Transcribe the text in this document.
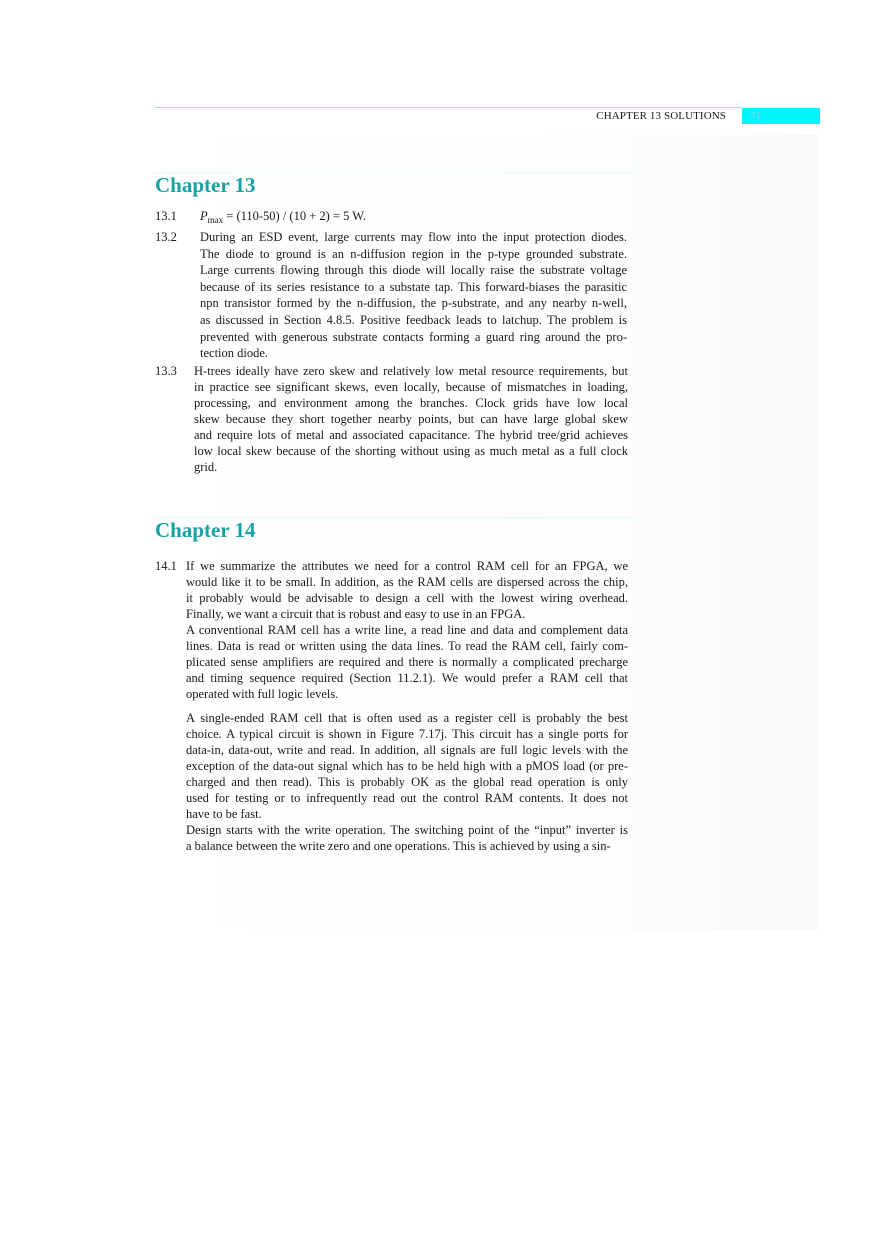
CHAPTER 13 SOLUTIONS	71
Chapter 13
13.1 $P_{max} = (110-50) / (10 + 2) = 5$ W.
13.2 During an ESD event, large currents may flow into the input protection diodes.
The diode to ground is an n-diffusion region in the p-type grounded substrate.
Large currents flowing through this diode will locally raise the substrate voltage
because of its series resistance to a substate tap. This forward-biases the parasitic
npn transistor formed by the n-diffusion, the p-substrate, and any nearby n-well,
as discussed in Section 4.8.5. Positive feedback leads to latchup. The problem is
prevented with generous substrate contacts forming a guard ring around the pro-
tection diode.
13.3 H-trees ideally have zero skew and relatively low metal resource requirements, but
in practice see significant skews, even locally, because of mismatches in loading,
processing, and environment among the branches. Clock grids have low local
skew because they short together nearby points, but can have large global skew
and require lots of metal and associated capacitance. The hybrid tree/grid achieves
low local skew because of the shorting without using as much metal as a full clock
grid.
Chapter 14
14.1 If we summarize the attributes we need for a control RAM cell for an FPGA, we
would like it to be small. In addition, as the RAM cells are dispersed across the chip,
it probably would be advisable to design a cell with the lowest wiring overhead.
Finally, we want a circuit that is robust and easy to use in an FPGA.
A conventional RAM cell has a write line, a read line and data and complement data
lines. Data is read or written using the data lines. To read the RAM cell, fairly com-
plicated sense amplifiers are required and there is normally a complicated precharge
and timing sequence required (Section 11.2.1). We would prefer a RAM cell that
operated with full logic levels.
A single-ended RAM cell that is often used as a register cell is probably the best
choice. A typical circuit is shown in Figure 7.17j. This circuit has a single ports for
data-in, data-out, write and read. In addition, all signals are full logic levels with the
exception of the data-out signal which has to be held high with a pMOS load (or pre-
charged and then read). This is probably OK as the global read operation is only
used for testing or to infrequently read out the control RAM contents. It does not
have to be fast.
Design starts with the write operation. The switching point of the “input” inverter is
a balance between the write zero and one operations. This is achieved by using a sin-
